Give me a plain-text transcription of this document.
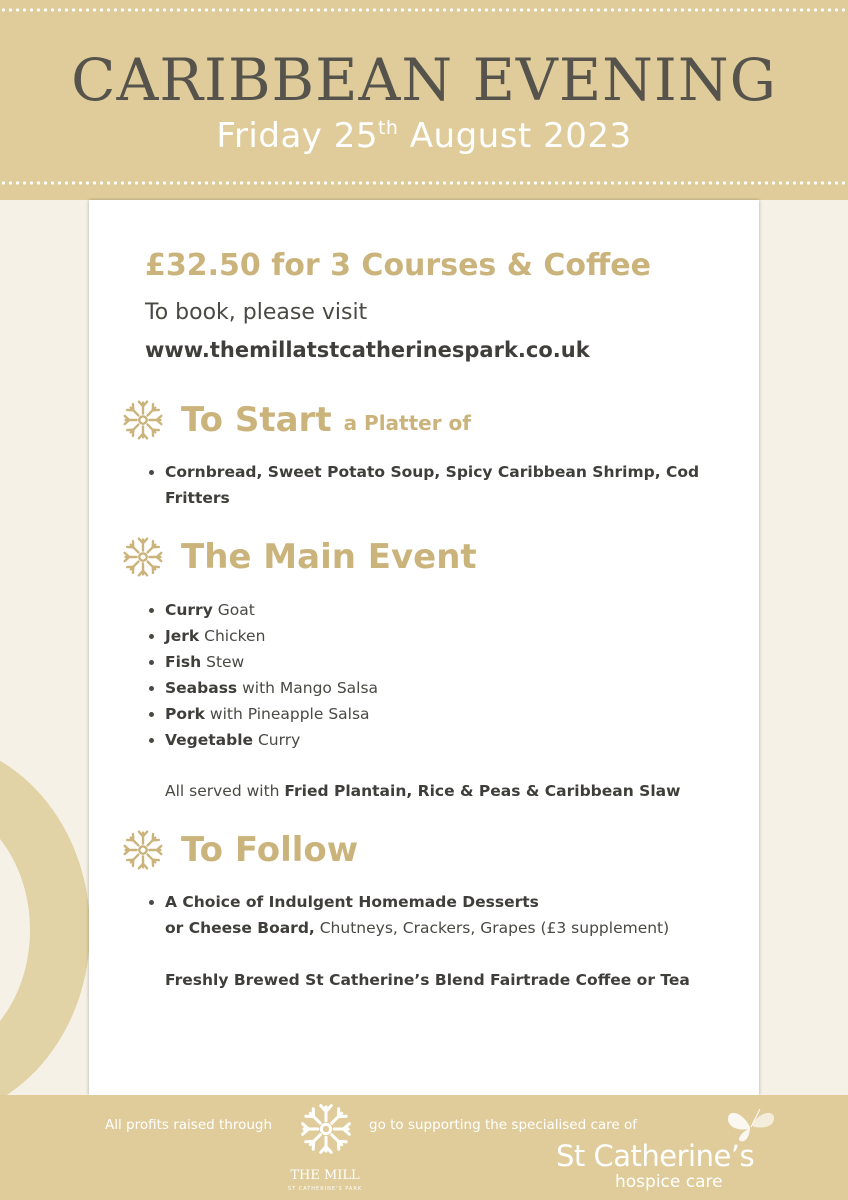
CARIBBEAN EVENING
Friday 25th August 2023

£32.50 for 3 Courses & Coffee

To book, please visit

www.themillatstcatherinespark.co.uk

To Start a Platter of
• Cornbread, Sweet Potato Soup, Spicy Caribbean Shrimp, Cod Fritters
The Main Event
• Curry Goat
• Jerk Chicken
• Fish Stew
• Seabass with Mango Salsa
• Pork with Pineapple Salsa
• Vegetable Curry

All served with Fried Plantain, Rice & Peas & Caribbean Slaw

To Follow
• A Choice of Indulgent Homemade Desserts
or Cheese Board, Chutneys, Crackers, Grapes (£3 supplement)

Freshly Brewed St Catherine’s Blend Fairtrade Coffee or Tea

All profits raised through

THE MILL

ST CATHERINE'S PARK

go to supporting the specialised care of

St Catherine’s

hospice care
